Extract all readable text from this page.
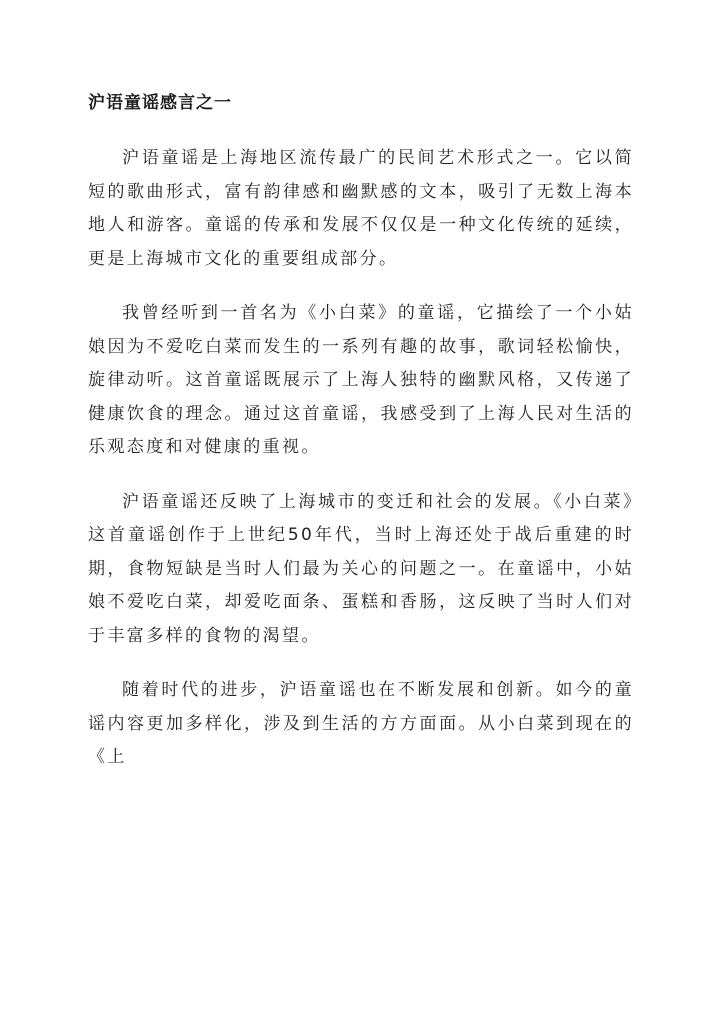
沪语童谣感言之一

沪语童谣是上海地区流传最广的民间艺术形式之一。它以简短的歌曲形式，富有韵律感和幽默感的文本，吸引了无数上海本地人和游客。童谣的传承和发展不仅仅是一种文化传统的延续，更是上海城市文化的重要组成部分。

我曾经听到一首名为《小白菜》的童谣，它描绘了一个小姑娘因为不爱吃白菜而发生的一系列有趣的故事，歌词轻松愉快，旋律动听。这首童谣既展示了上海人独特的幽默风格，又传递了健康饮食的理念。通过这首童谣，我感受到了上海人民对生活的乐观态度和对健康的重视。

沪语童谣还反映了上海城市的变迁和社会的发展。《小白菜》这首童谣创作于上世纪50年代，当时上海还处于战后重建的时期，食物短缺是当时人们最为关心的问题之一。在童谣中，小姑娘不爱吃白菜，却爱吃面条、蛋糕和香肠，这反映了当时人们对于丰富多样的食物的渴望。

随着时代的进步，沪语童谣也在不断发展和创新。如今的童谣内容更加多样化，涉及到生活的方方面面。从小白菜到现在的《上
